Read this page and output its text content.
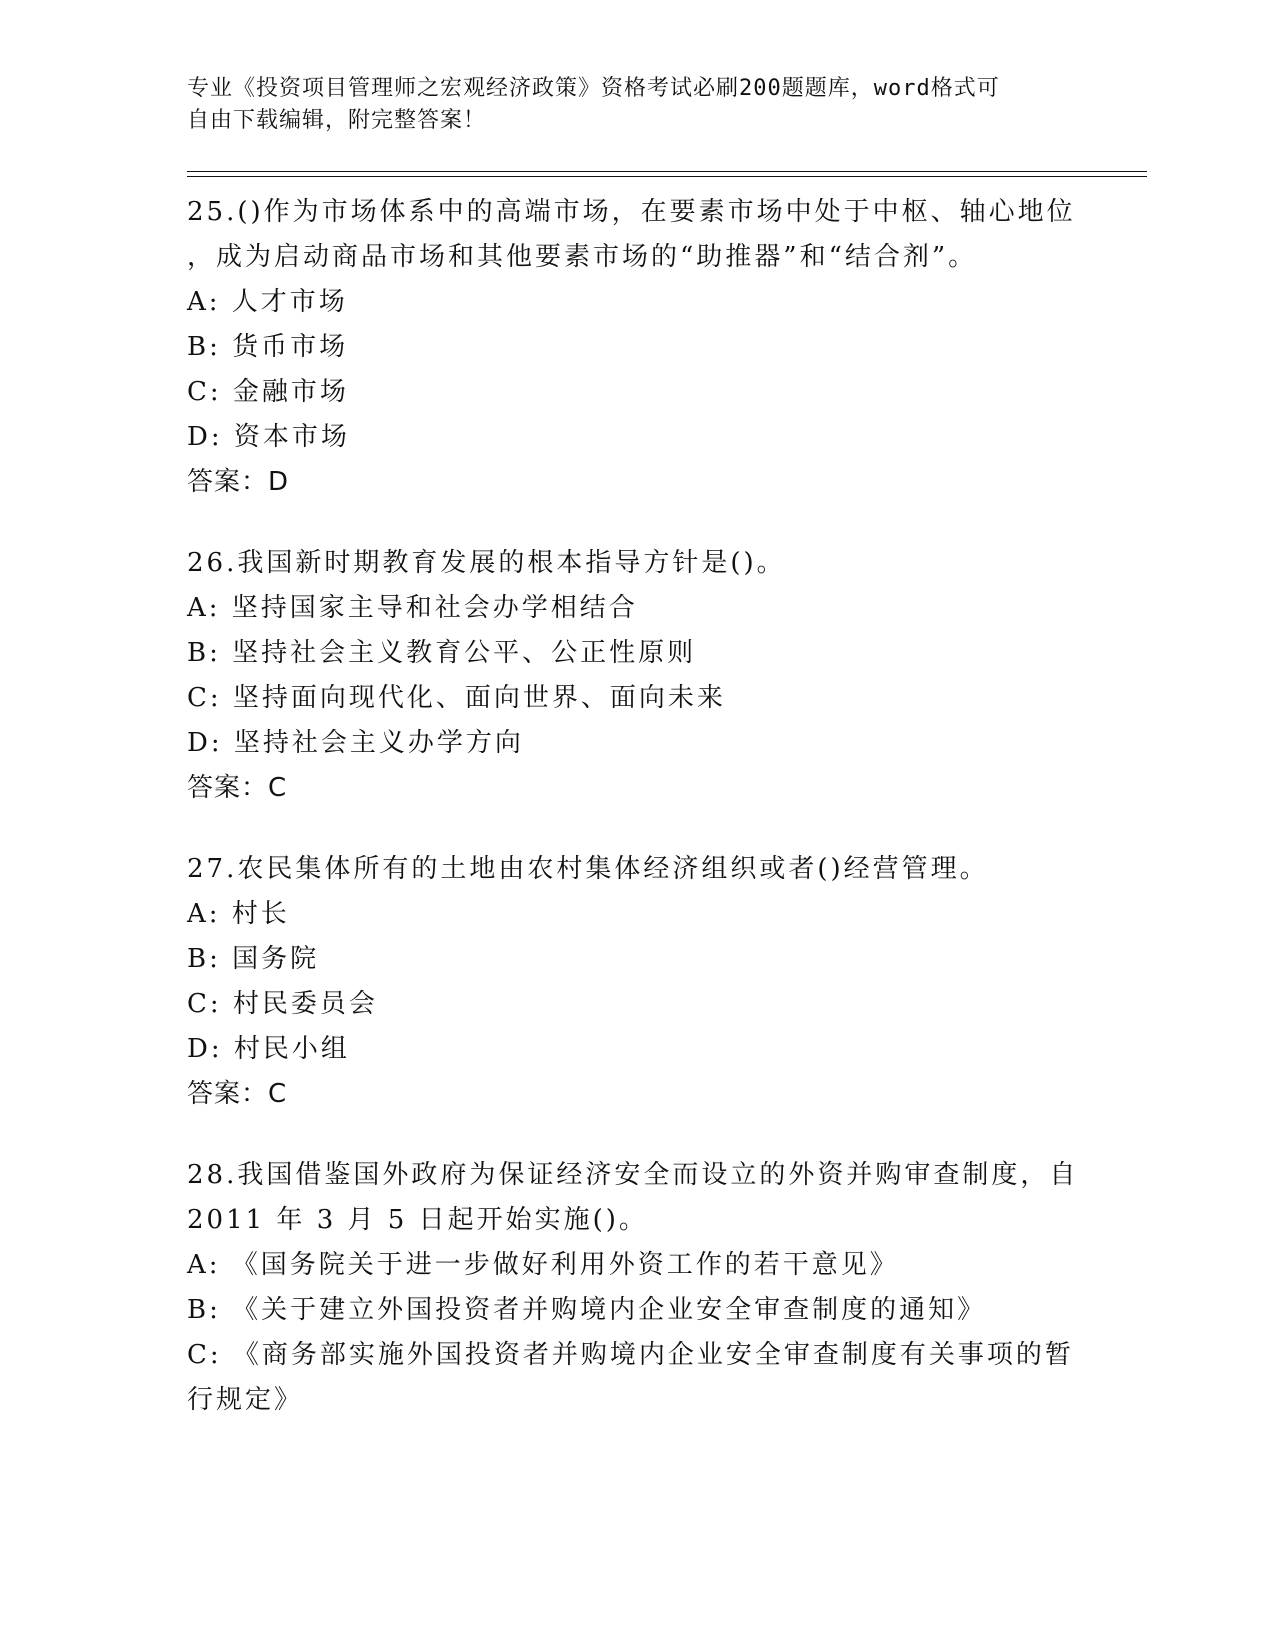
专业《投资项目管理师之宏观经济政策》资格考试必刷200题题库，word格式可
自由下载编辑，附完整答案！
25.()作为市场体系中的高端市场，在要素市场中处于中枢、轴心地位
，成为启动商品市场和其他要素市场的“助推器”和“结合剂”。
A: 人才市场
B: 货币市场
C: 金融市场
D: 资本市场
答案：D
26.我国新时期教育发展的根本指导方针是()。
A: 坚持国家主导和社会办学相结合
B: 坚持社会主义教育公平、公正性原则
C: 坚持面向现代化、面向世界、面向未来
D: 坚持社会主义办学方向
答案：C
27.农民集体所有的土地由农村集体经济组织或者()经营管理。
A: 村长
B: 国务院
C: 村民委员会
D: 村民小组
答案：C
28.我国借鉴国外政府为保证经济安全而设立的外资并购审查制度，自
2011 年 3 月 5 日起开始实施()。
A: 《国务院关于进一步做好利用外资工作的若干意见》
B: 《关于建立外国投资者并购境内企业安全审查制度的通知》
C: 《商务部实施外国投资者并购境内企业安全审查制度有关事项的暂
行规定》
